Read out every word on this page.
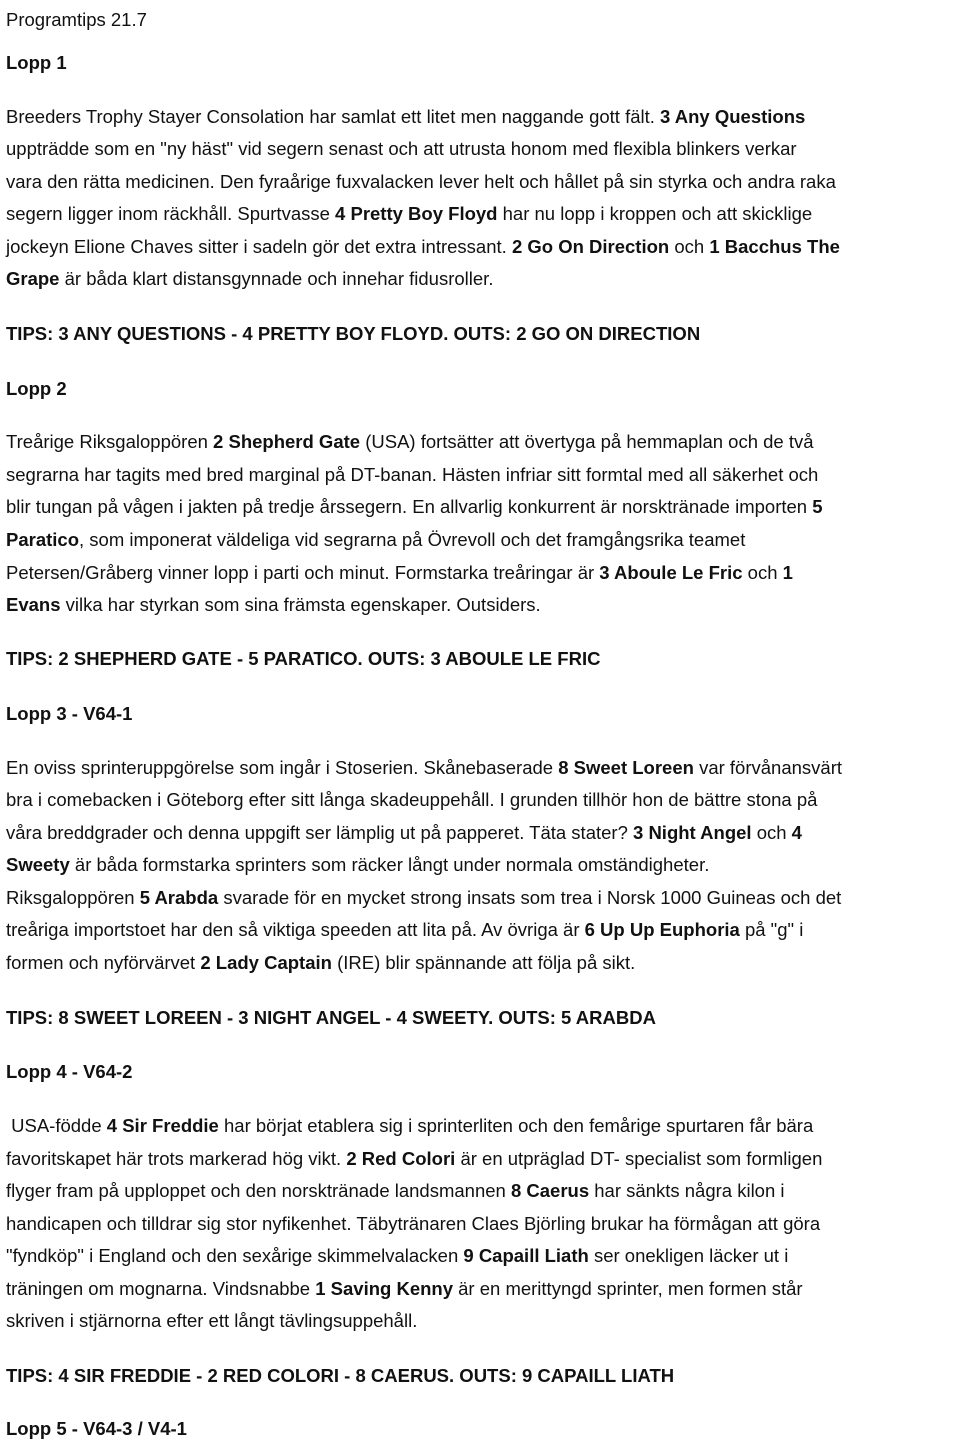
Programtips 21.7
Lopp 1
Breeders Trophy Stayer Consolation har samlat ett litet men naggande gott fält. 3 Any Questions
uppträdde som en "ny häst" vid segern senast och att utrusta honom med flexibla blinkers verkar
vara den rätta medicinen. Den fyraårige fuxvalacken lever helt och hållet på sin styrka och andra raka
segern ligger inom räckhåll. Spurtvasse 4 Pretty Boy Floyd har nu lopp i kroppen och att skicklige
jockeyn Elione Chaves sitter i sadeln gör det extra intressant. 2 Go On Direction och 1 Bacchus The
Grape är båda klart distansgynnade och innehar fidusroller.
TIPS: 3 ANY QUESTIONS - 4 PRETTY BOY FLOYD. OUTS: 2 GO ON DIRECTION
Lopp 2
Treårige Riksgaloppören 2 Shepherd Gate (USA) fortsätter att övertyga på hemmaplan och de två
segrarna har tagits med bred marginal på DT-banan. Hästen infriar sitt formtal med all säkerhet och
blir tungan på vågen i jakten på tredje årssegern. En allvarlig konkurrent är norsktränade importen 5
Paratico, som imponerat väldeliga vid segrarna på Övrevoll och det framgångsrika teamet
Petersen/Gråberg vinner lopp i parti och minut. Formstarka treåringar är 3 Aboule Le Fric och 1
Evans vilka har styrkan som sina främsta egenskaper. Outsiders.
TIPS: 2 SHEPHERD GATE - 5 PARATICO. OUTS: 3 ABOULE LE FRIC
Lopp 3 - V64-1
En oviss sprinteruppgörelse som ingår i Stoserien. Skånebaserade 8 Sweet Loreen var förvånansvärt
bra i comebacken i Göteborg efter sitt långa skadeuppehåll. I grunden tillhör hon de bättre stona på
våra breddgrader och denna uppgift ser lämplig ut på papperet. Täta stater? 3 Night Angel och 4
Sweety är båda formstarka sprinters som räcker långt under normala omständigheter.
Riksgaloppören 5 Arabda svarade för en mycket strong insats som trea i Norsk 1000 Guineas och det
treåriga importstoet har den så viktiga speeden att lita på. Av övriga är 6 Up Up Euphoria på "g" i
formen och nyförvärvet 2 Lady Captain (IRE) blir spännande att följa på sikt.
TIPS: 8 SWEET LOREEN - 3 NIGHT ANGEL - 4 SWEETY. OUTS: 5 ARABDA
Lopp 4 - V64-2
USA-födde 4 Sir Freddie har börjat etablera sig i sprinterliten och den femårige spurtaren får bära
favoritskapet här trots markerad hög vikt. 2 Red Colori är en utpräglad DT- specialist som formligen
flyger fram på upploppet och den norsktränade landsmannen 8 Caerus har sänkts några kilon i
handicapen och tilldrar sig stor nyfikenhet. Täbytränaren Claes Björling brukar ha förmågan att göra
"fyndköp" i England och den sexårige skimmelvalacken 9 Capaill Liath ser onekligen läcker ut i
träningen om mognarna. Vindsnabbe 1 Saving Kenny är en merittyngd sprinter, men formen står
skriven i stjärnorna efter ett långt tävlingsuppehåll.
TIPS: 4 SIR FREDDIE - 2 RED COLORI - 8 CAERUS. OUTS: 9 CAPAILL LIATH
Lopp 5 - V64-3 / V4-1
